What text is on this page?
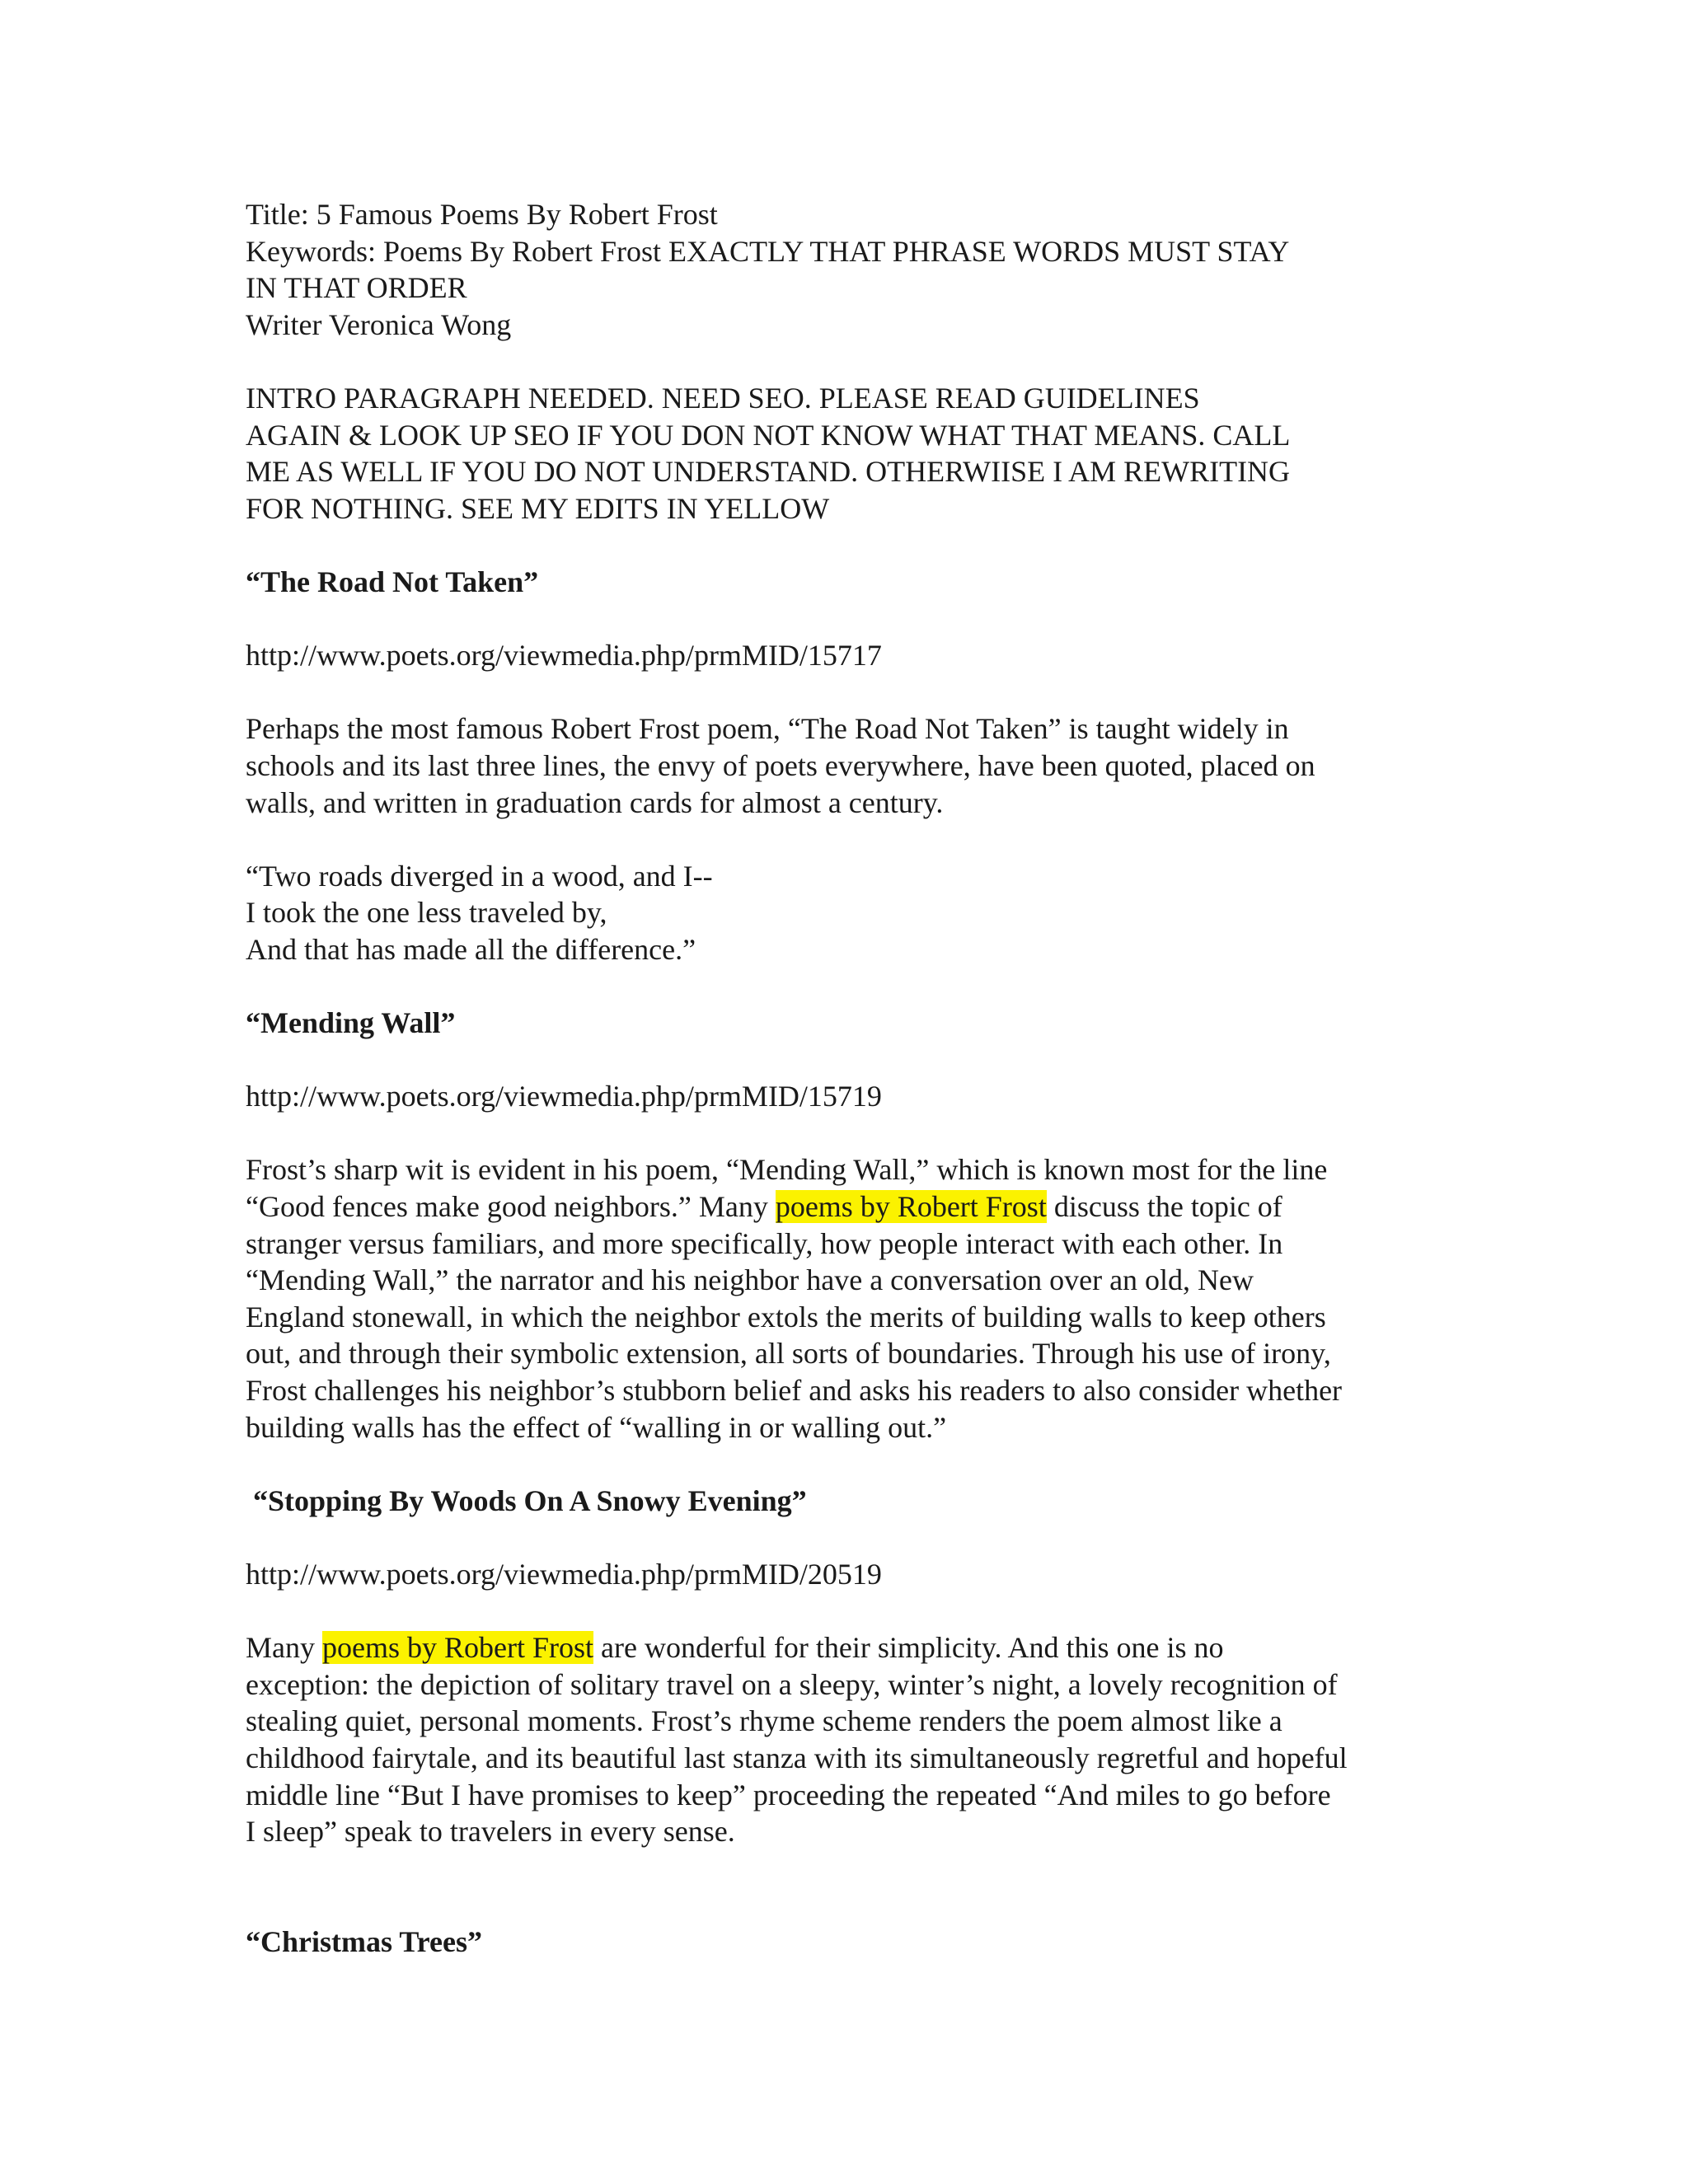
Title: 5 Famous Poems By Robert Frost
Keywords: Poems By Robert Frost EXACTLY THAT PHRASE WORDS MUST STAY
IN THAT ORDER
Writer Veronica Wong

INTRO PARAGRAPH NEEDED. NEED SEO. PLEASE READ GUIDELINES
AGAIN & LOOK UP SEO IF YOU DON NOT KNOW WHAT THAT MEANS. CALL
ME AS WELL IF YOU DO NOT UNDERSTAND. OTHERWIISE I AM REWRITING
FOR NOTHING. SEE MY EDITS IN YELLOW

“The Road Not Taken”

http://www.poets.org/viewmedia.php/prmMID/15717

Perhaps the most famous Robert Frost poem, “The Road Not Taken” is taught widely in
schools and its last three lines, the envy of poets everywhere, have been quoted, placed on
walls, and written in graduation cards for almost a century.

“Two roads diverged in a wood, and I--
I took the one less traveled by,
And that has made all the difference.”

“Mending Wall”

http://www.poets.org/viewmedia.php/prmMID/15719

Frost’s sharp wit is evident in his poem, “Mending Wall,” which is known most for the line
“Good fences make good neighbors.” Many poems by Robert Frost discuss the topic of
stranger versus familiars, and more specifically, how people interact with each other. In
“Mending Wall,” the narrator and his neighbor have a conversation over an old, New
England stonewall, in which the neighbor extols the merits of building walls to keep others
out, and through their symbolic extension, all sorts of boundaries. Through his use of irony,
Frost challenges his neighbor’s stubborn belief and asks his readers to also consider whether
building walls has the effect of “walling in or walling out.”

“Stopping By Woods On A Snowy Evening”

http://www.poets.org/viewmedia.php/prmMID/20519

Many poems by Robert Frost are wonderful for their simplicity. And this one is no
exception: the depiction of solitary travel on a sleepy, winter’s night, a lovely recognition of
stealing quiet, personal moments. Frost’s rhyme scheme renders the poem almost like a
childhood fairytale, and its beautiful last stanza with its simultaneously regretful and hopeful
middle line “But I have promises to keep” proceeding the repeated “And miles to go before
I sleep” speak to travelers in every sense.

“Christmas Trees”
